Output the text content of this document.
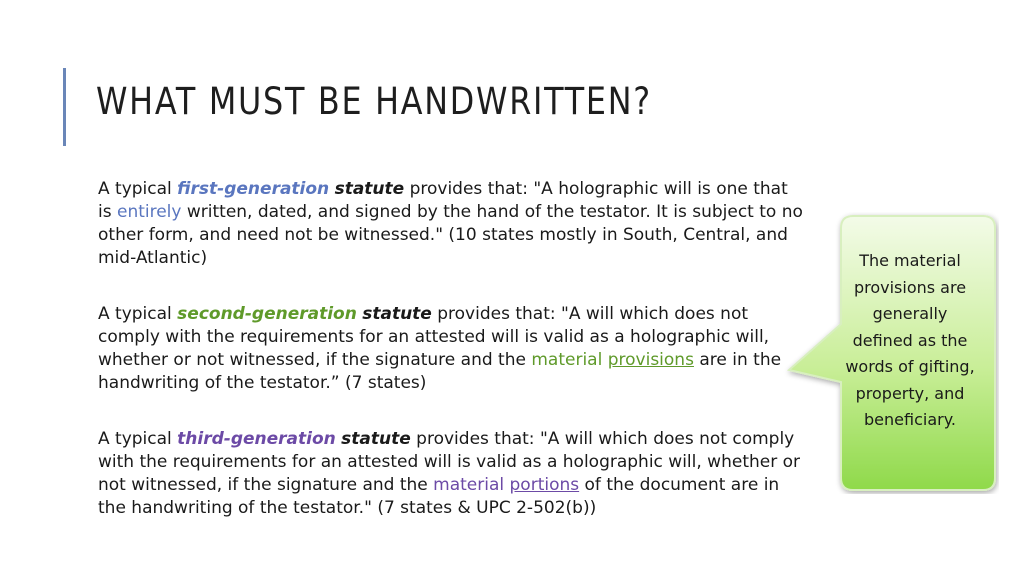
WHAT MUST BE HANDWRITTEN?

A typical first-generation statute provides that: "A holographic will is one that is entirely written, dated, and signed by the hand of the testator. It is subject to no other form, and need not be witnessed." (10 states mostly in South, Central, and mid-Atlantic)

A typical second-generation statute provides that: "A will which does not comply with the requirements for an attested will is valid as a holographic will, whether or not witnessed, if the signature and the material provisions are in the handwriting of the testator.” (7 states)

A typical third-generation statute provides that: "A will which does not comply with the requirements for an attested will is valid as a holographic will, whether or not witnessed, if the signature and the material portions of the document are in the handwriting of the testator." (7 states & UPC 2-502(b))

The material provisions are generally defined as the words of gifting, property, and beneficiary.
